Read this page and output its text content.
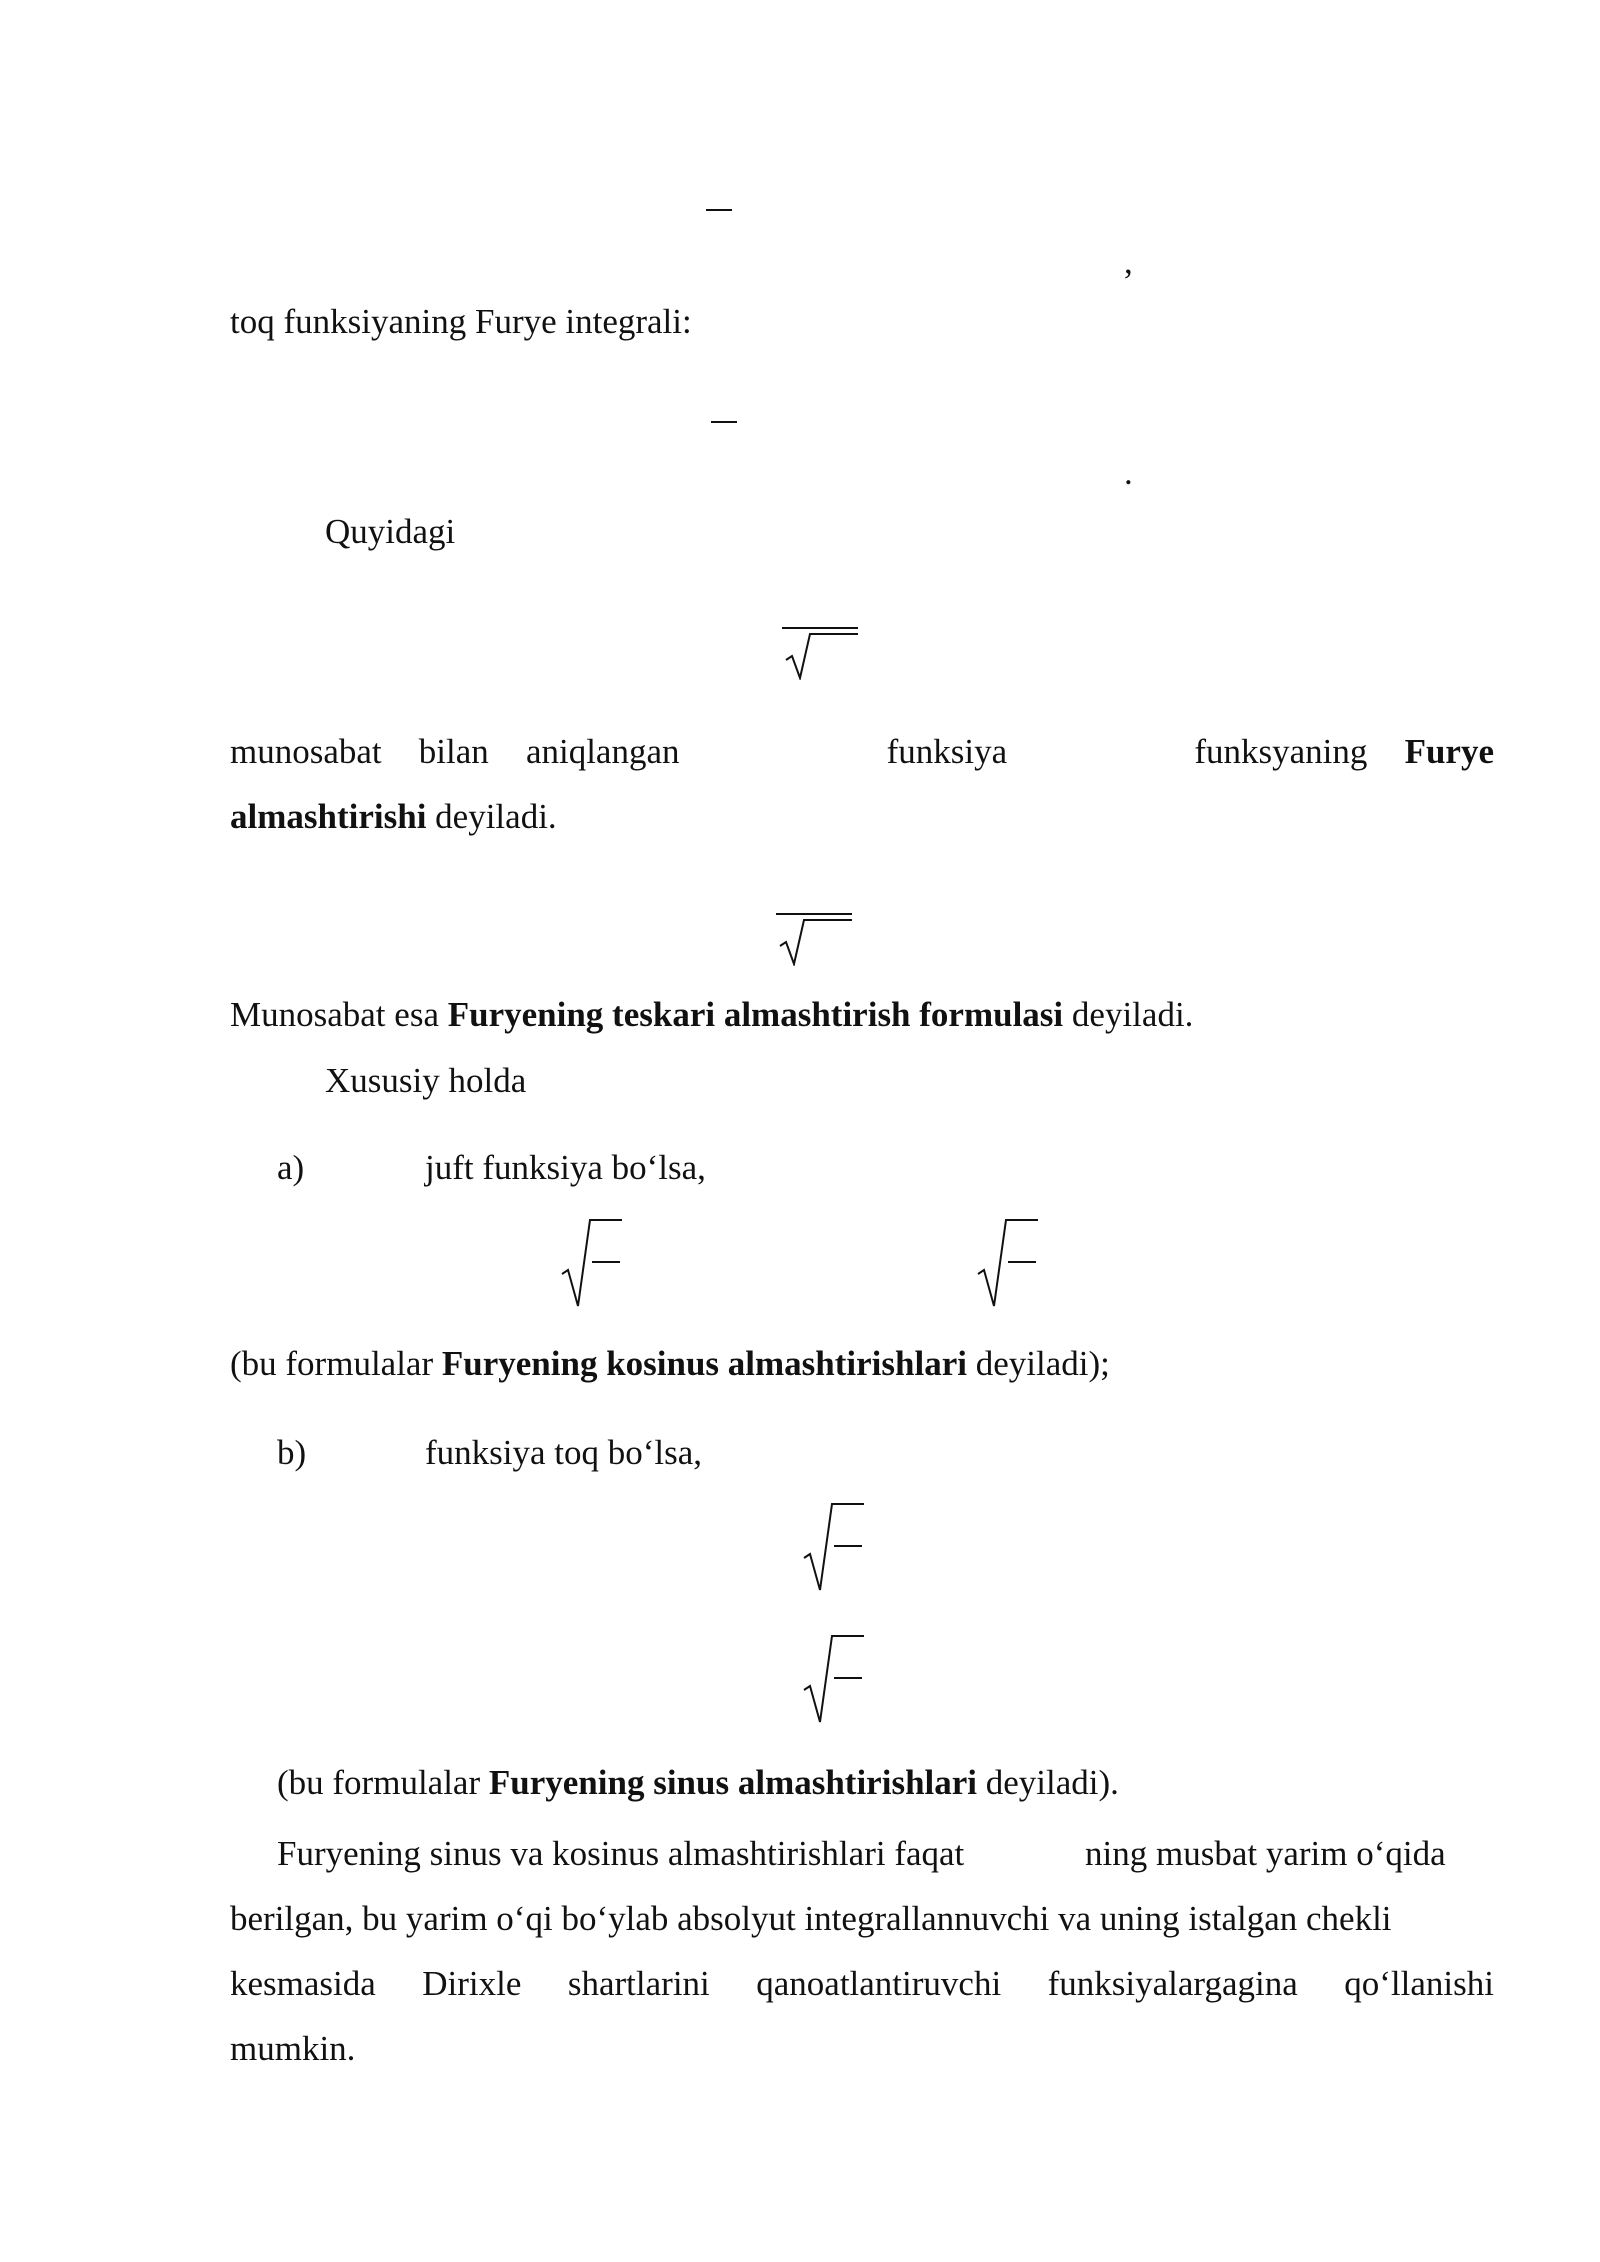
,
toq funksiyaning Furye integrali:
.
Quyidagi
munosabat bilan aniqlangan	funksiya	funksyaning Furye
almashtirishi deyiladi.
Munosabat esa Furyening teskari almashtirish formulasi deyiladi.
Xususiy holda
a)	juft funksiya bo‘lsa,
(bu formulalar Furyening kosinus almashtirishlari deyiladi);
b)	funksiya toq bo‘lsa,
(bu formulalar Furyening sinus almashtirishlari deyiladi).
Furyening sinus va kosinus almashtirishlari faqat	ning musbat yarim o‘qida
berilgan, bu yarim o‘qi bo‘ylab absolyut integrallannuvchi va uning istalgan chekli
kesmasida Dirixle shartlarini qanoatlantiruvchi funksiyalargagina qo‘llanishi
mumkin.
